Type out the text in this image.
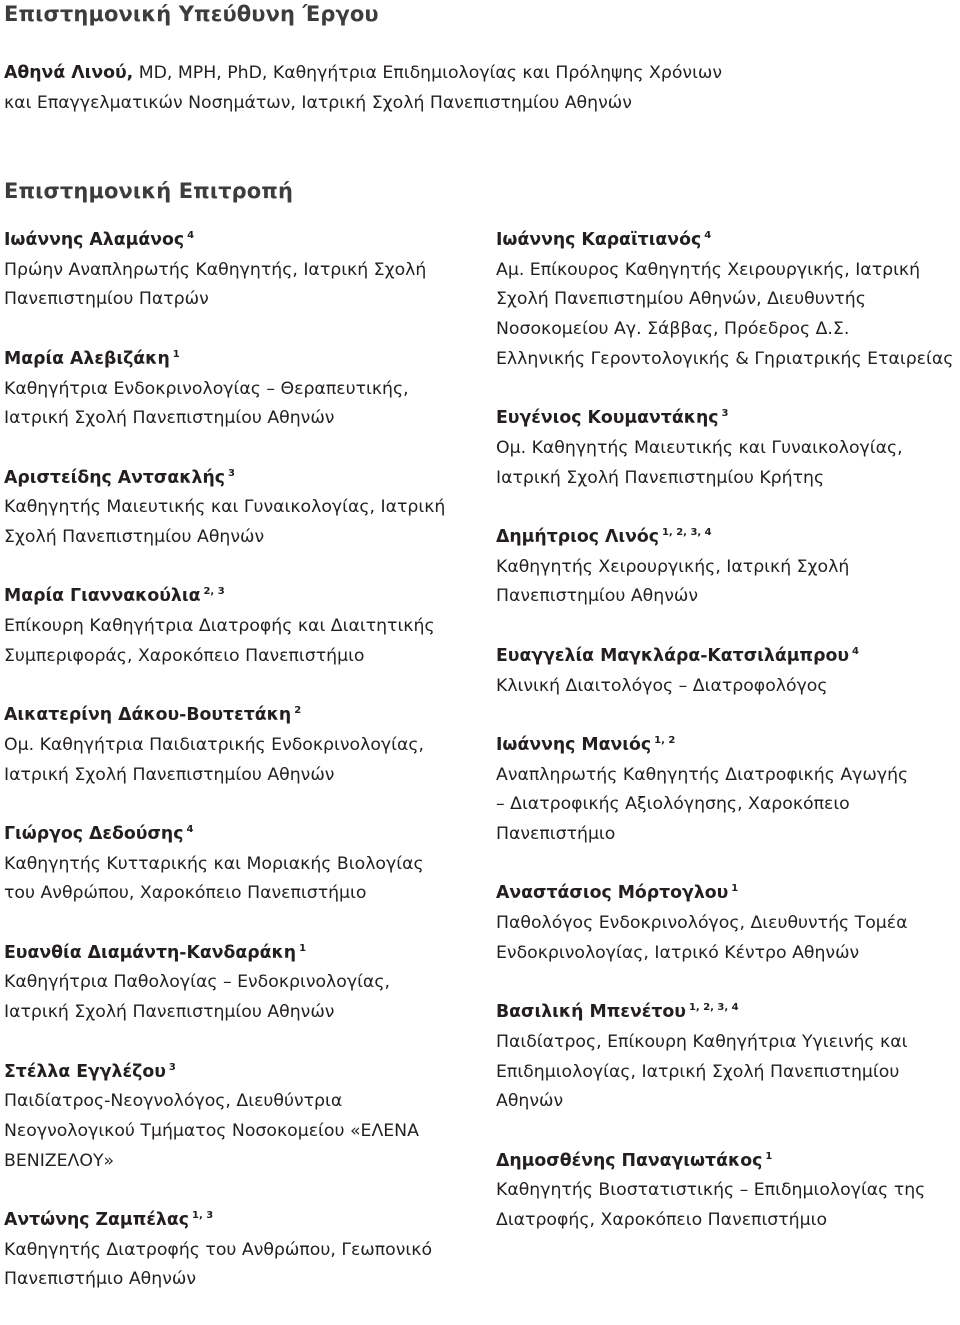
Επιστημονική Υπεύθυνη Έργου
Αθηνά Λινού, MD, MPH, PhD, Καθηγήτρια Επιδημιολογίας και Πρόληψης Χρόνιων
και Επαγγελματικών Νοσημάτων, Ιατρική Σχολή Πανεπιστημίου Αθηνών
Επιστημονική Επιτροπή
Ιωάννης Αλαμάνος $^4$
Πρώην Αναπληρωτής Καθηγητής, Ιατρική Σχολή
Πανεπιστημίου Πατρών
Μαρία Αλεβιζάκη $^1$
Καθηγήτρια Ενδοκρινολογίας – Θεραπευτικής,
Ιατρική Σχολή Πανεπιστημίου Αθηνών
Αριστείδης Αντσακλής $^3$
Καθηγητής Μαιευτικής και Γυναικολογίας, Ιατρική
Σχολή Πανεπιστημίου Αθηνών
Μαρία Γιαννακούλια $^{2, 3}$
Επίκουρη Καθηγήτρια Διατροφής και Διαιτητικής
Συμπεριφοράς, Χαροκόπειο Πανεπιστήμιο
Αικατερίνη Δάκου-Βουτετάκη $^2$
Ομ. Καθηγήτρια Παιδιατρικής Ενδοκρινολογίας,
Ιατρική Σχολή Πανεπιστημίου Αθηνών
Γιώργος Δεδούσης $^4$
Καθηγητής Κυτταρικής και Μοριακής Βιολογίας
του Ανθρώπου, Χαροκόπειο Πανεπιστήμιο
Ευανθία Διαμάντη-Κανδαράκη $^1$
Καθηγήτρια Παθολογίας – Ενδοκρινολογίας,
Ιατρική Σχολή Πανεπιστημίου Αθηνών
Στέλλα Εγγλέζου $^3$
Παιδίατρος-Νεογνολόγος, Διευθύντρια
Νεογνολογικού Τμήματος Νοσοκομείου «ΕΛΕΝΑ
ΒΕΝΙΖΕΛΟΥ»
Αντώνης Ζαμπέλας $^{1, 3}$
Καθηγητής Διατροφής του Ανθρώπου, Γεωπονικό
Πανεπιστήμιο Αθηνών
Ιωάννης Καραϊτιανός $^4$
Αμ. Επίκουρος Καθηγητής Χειρουργικής, Ιατρική
Σχολή Πανεπιστημίου Αθηνών, Διευθυντής
Νοσοκομείου Αγ. Σάββας, Πρόεδρος Δ.Σ.
Ελληνικής Γεροντολογικής & Γηριατρικής Εταιρείας
Ευγένιος Κουμαντάκης $^3$
Ομ. Καθηγητής Μαιευτικής και Γυναικολογίας,
Ιατρική Σχολή Πανεπιστημίου Κρήτης
Δημήτριος Λινός $^{1, 2, 3, 4}$
Καθηγητής Χειρουργικής, Ιατρική Σχολή
Πανεπιστημίου Αθηνών
Ευαγγελία Μαγκλάρα-Κατσιλάμπρου $^4$
Κλινική Διαιτολόγος – Διατροφολόγος
Ιωάννης Μανιός $^{1, 2}$
Αναπληρωτής Καθηγητής Διατροφικής Αγωγής
– Διατροφικής Αξιολόγησης, Χαροκόπειο
Πανεπιστήμιο
Αναστάσιος Μόρτογλου $^1$
Παθολόγος Ενδοκρινολόγος, Διευθυντής Τομέα
Ενδοκρινολογίας, Ιατρικό Κέντρο Αθηνών
Βασιλική Μπενέτου $^{1, 2, 3, 4}$
Παιδίατρος, Επίκουρη Καθηγήτρια Υγιεινής και
Επιδημιολογίας, Ιατρική Σχολή Πανεπιστημίου
Αθηνών
Δημοσθένης Παναγιωτάκος $^1$
Καθηγητής Βιοστατιστικής – Επιδημιολογίας της
Διατροφής, Χαροκόπειο Πανεπιστήμιο
